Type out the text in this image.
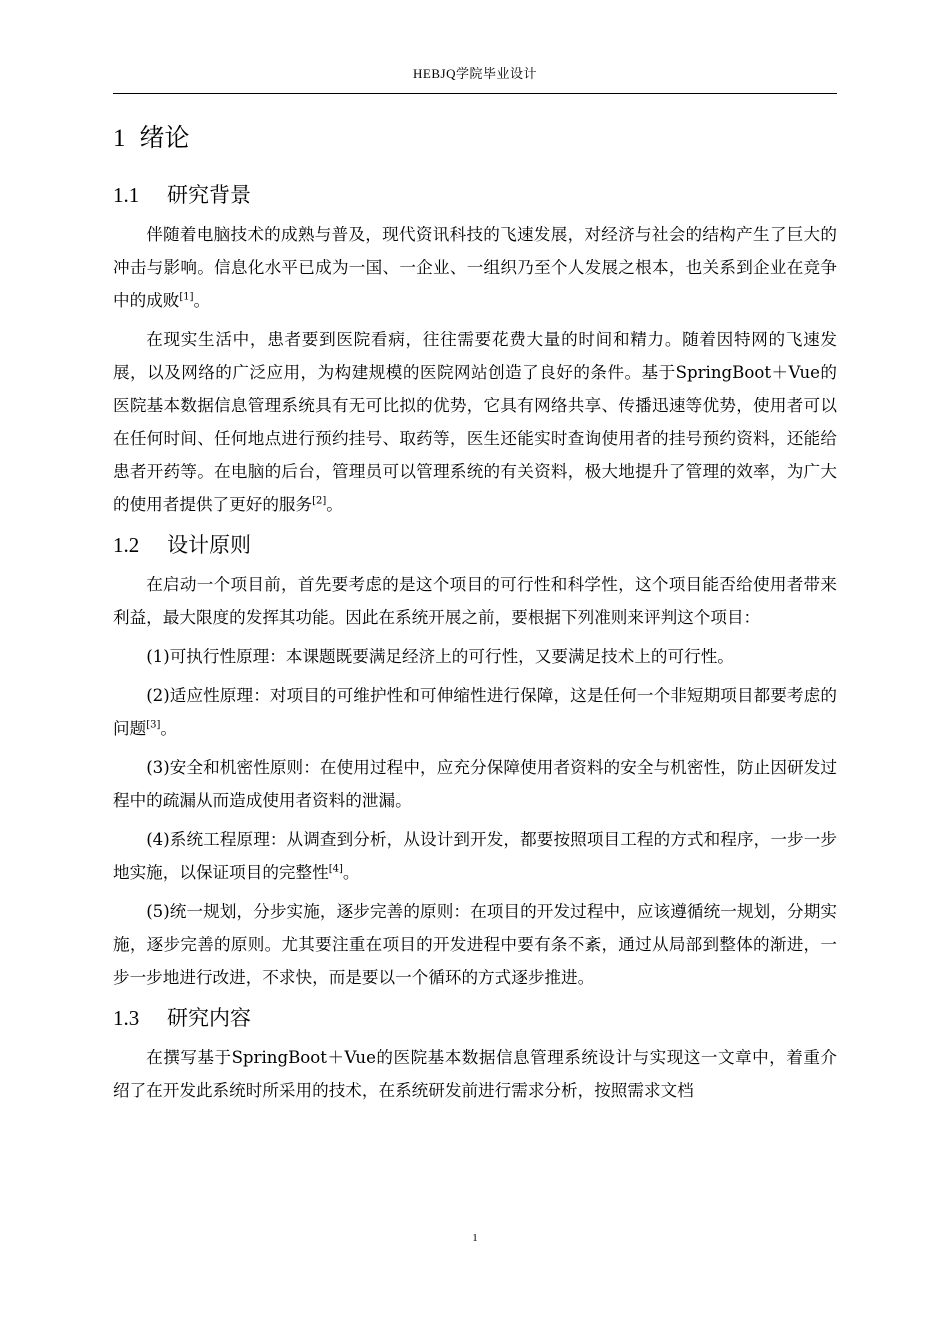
HEBJQ学院毕业设计
1 绪论
1.1 研究背景

伴随着电脑技术的成熟与普及，现代资讯科技的飞速发展，对经济与社会的结构产生了巨大的冲击与影响。信息化水平已成为一国、一企业、一组织乃至个人发展之根本，也关系到企业在竞争中的成败[1]。

在现实生活中，患者要到医院看病，往往需要花费大量的时间和精力。随着因特网的飞速发展，以及网络的广泛应用，为构建规模的医院网站创造了良好的条件。基于SpringBoot＋Vue的医院基本数据信息管理系统具有无可比拟的优势，它具有网络共享、传播迅速等优势，使用者可以在任何时间、任何地点进行预约挂号、取药等，医生还能实时查询使用者的挂号预约资料，还能给患者开药等。在电脑的后台，管理员可以管理系统的有关资料，极大地提升了管理的效率，为广大的使用者提供了更好的服务[2]。

1.2 设计原则

在启动一个项目前，首先要考虑的是这个项目的可行性和科学性，这个项目能否给使用者带来利益，最大限度的发挥其功能。因此在系统开展之前，要根据下列准则来评判这个项目：

(1)可执行性原理：本课题既要满足经济上的可行性，又要满足技术上的可行性。

(2)适应性原理：对项目的可维护性和可伸缩性进行保障，这是任何一个非短期项目都要考虑的问题[3]。

(3)安全和机密性原则：在使用过程中，应充分保障使用者资料的安全与机密性，防止因研发过程中的疏漏从而造成使用者资料的泄漏。

(4)系统工程原理：从调查到分析，从设计到开发，都要按照项目工程的方式和程序，一步一步地实施，以保证项目的完整性[4]。

(5)统一规划，分步实施，逐步完善的原则：在项目的开发过程中，应该遵循统一规划，分期实施，逐步完善的原则。尤其要注重在项目的开发进程中要有条不紊，通过从局部到整体的渐进，一步一步地进行改进，不求快，而是要以一个循环的方式逐步推进。

1.3 研究内容

在撰写基于SpringBoot＋Vue的医院基本数据信息管理系统设计与实现这一文章中，着重介绍了在开发此系统时所采用的技术，在系统研发前进行需求分析，按照需求文档

1
